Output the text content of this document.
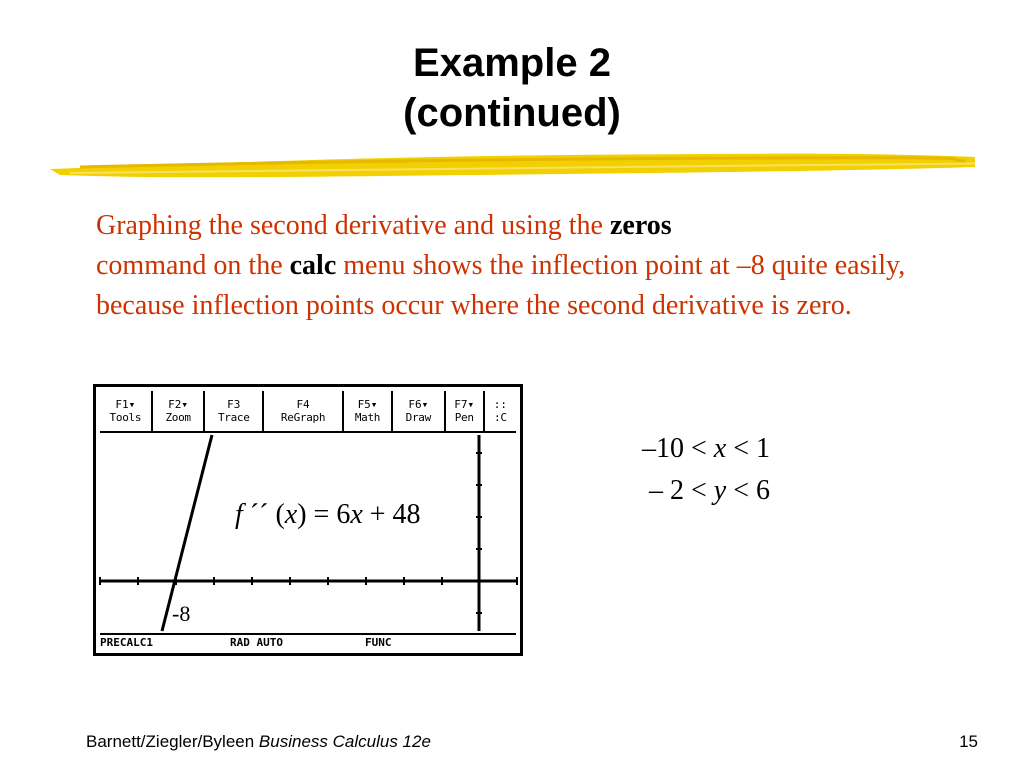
Example 2
(continued)
Graphing the second derivative and using the zeros
command on the calc menu shows the inflection point at –8 quite easily, because inflection points occur where the second derivative is zero.
F1▾
Tools
F2▾
Zoom
F3
Trace
F4
ReGraph
F5▾
Math
F6▾
Draw
F7▾
Pen
::
:C
f ´´ (x) = 6x + 48
-8
PRECALC1	RAD AUTO	FUNC
–10 < x < 1
– 2 < y < 6
Barnett/Ziegler/Byleen Business Calculus 12e	15
